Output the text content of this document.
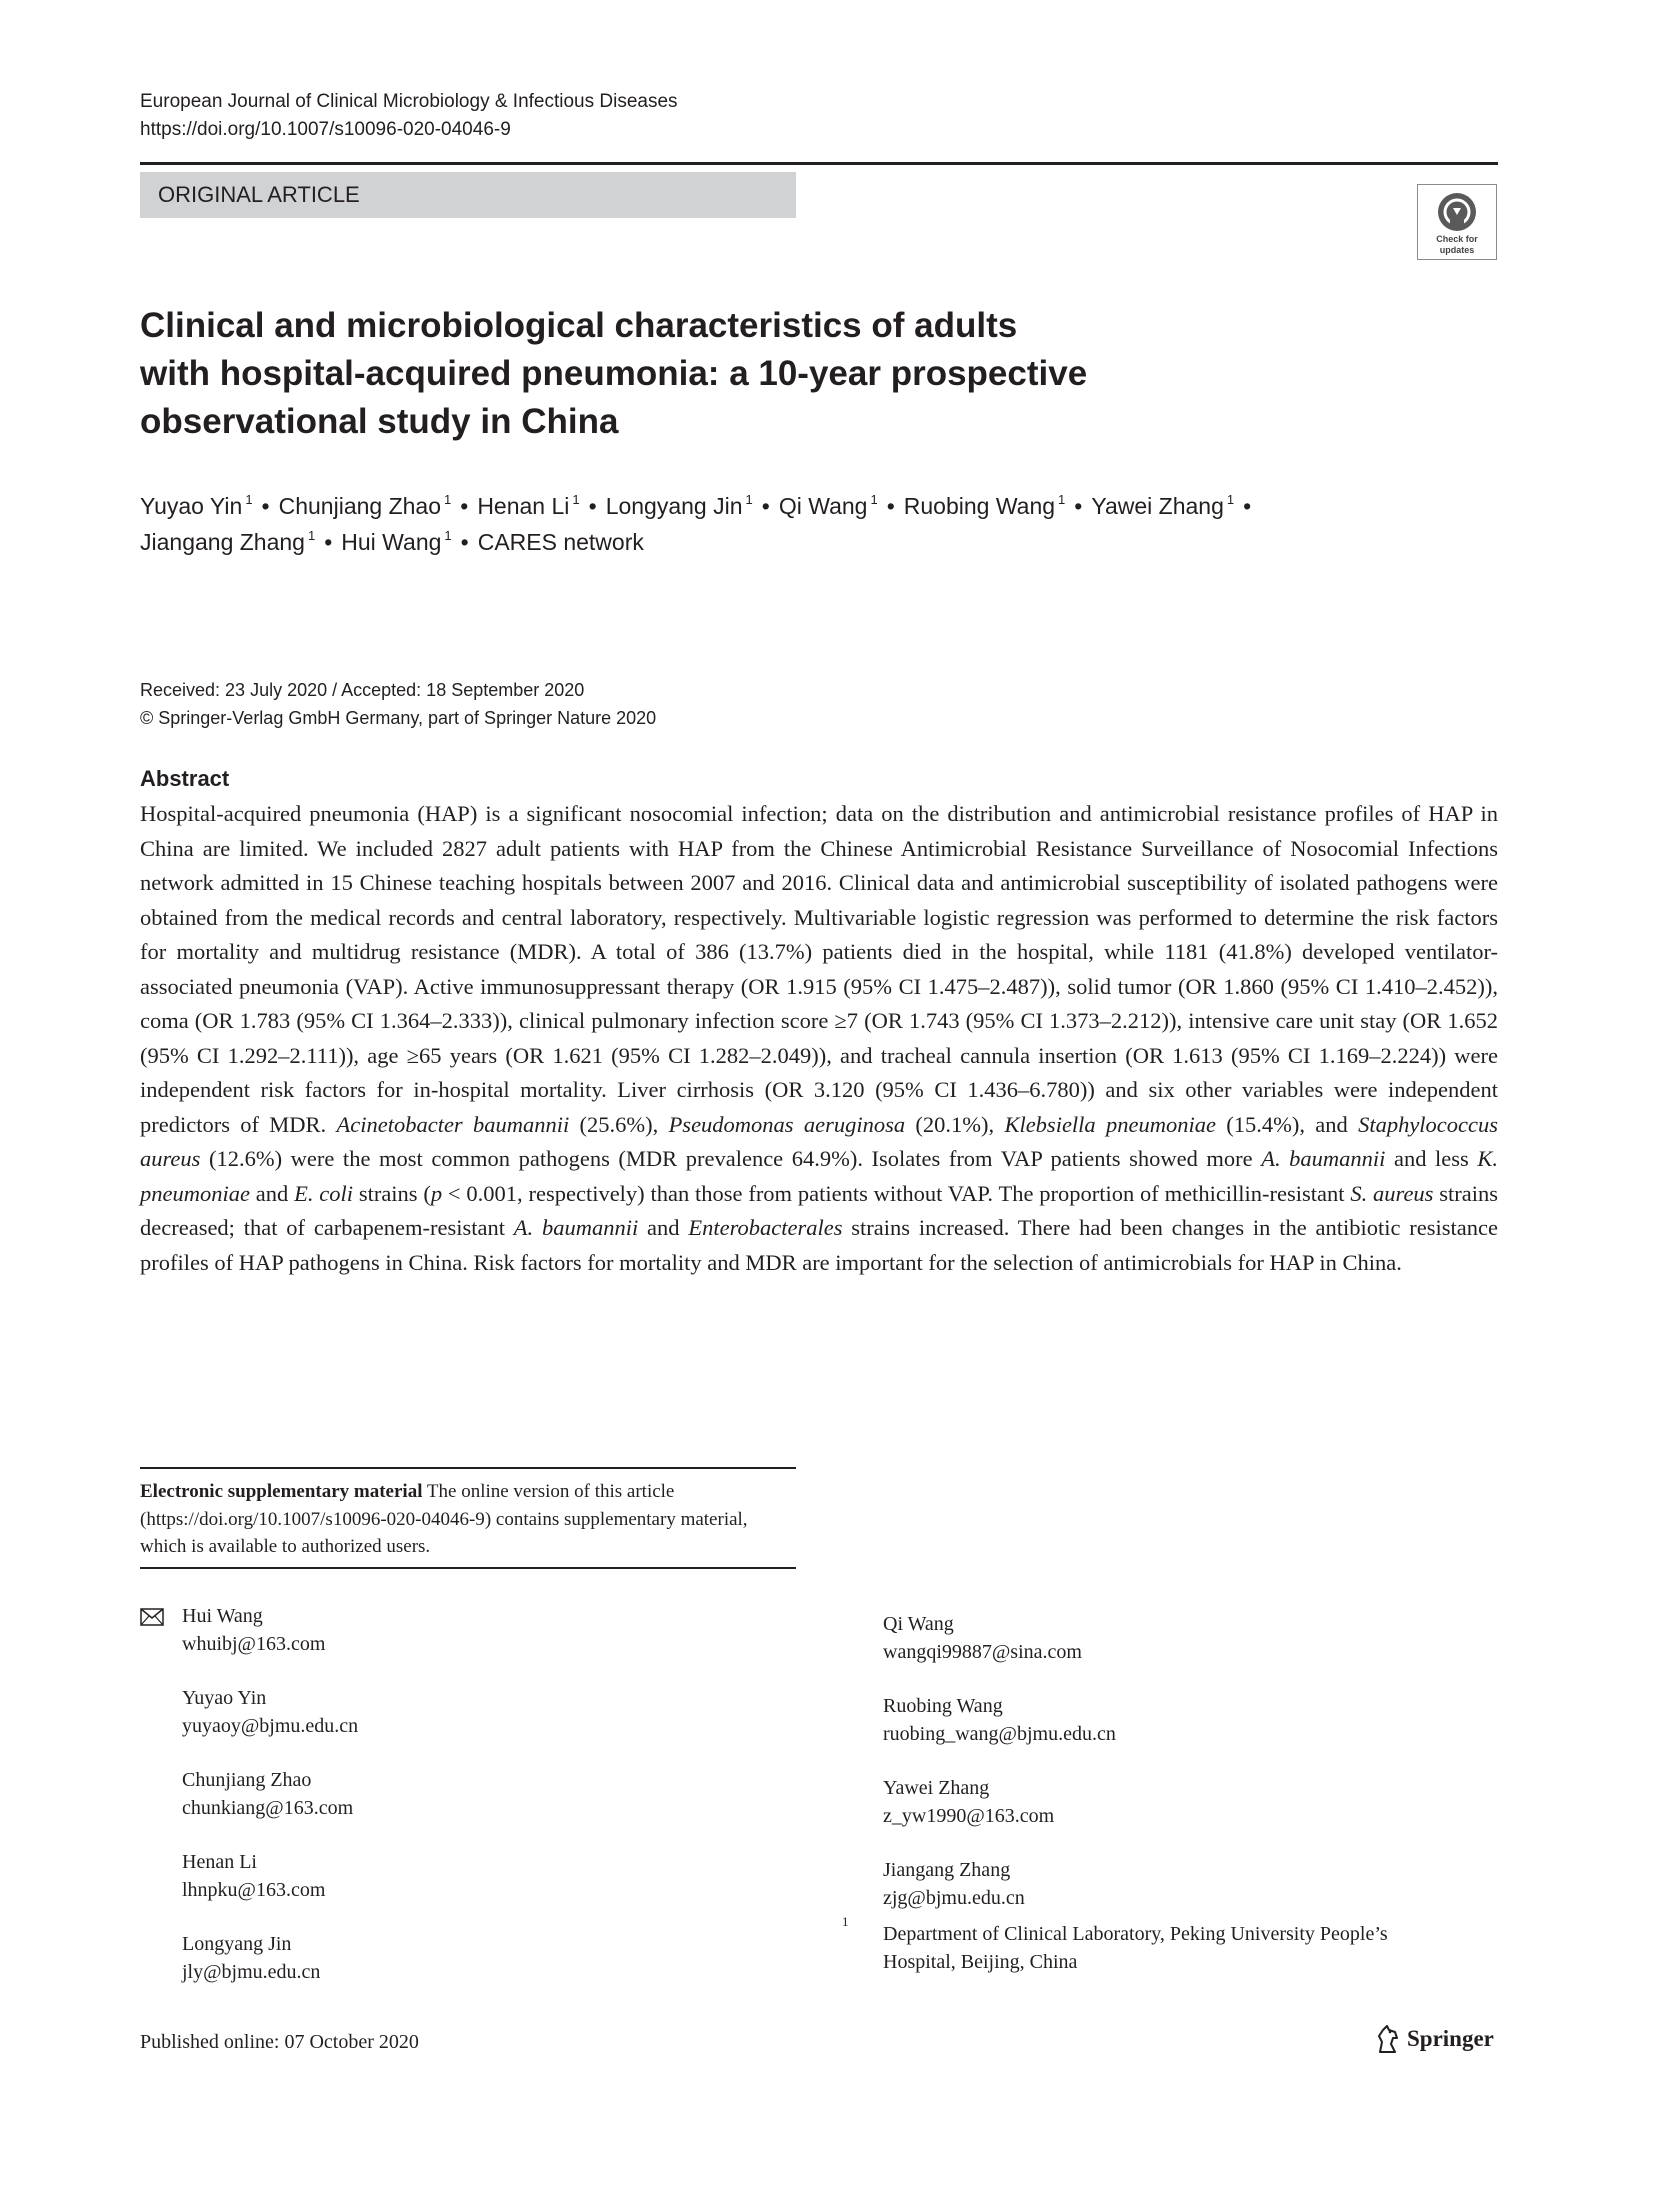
European Journal of Clinical Microbiology & Infectious Diseases
https://doi.org/10.1007/s10096-020-04046-9
ORIGINAL ARTICLE
Check for
updates
Clinical and microbiological characteristics of adults
with hospital-acquired pneumonia: a 10-year prospective
observational study in China
Yuyao Yin $^1$ • Chunjiang Zhao $^1$ • Henan Li $^1$ • Longyang Jin $^1$ • Qi Wang $^1$ • Ruobing Wang $^1$ • Yawei Zhang $^1$ •
Jiangang Zhang $^1$ • Hui Wang $^1$ • CARES network
Received: 23 July 2020 / Accepted: 18 September 2020
© Springer-Verlag GmbH Germany, part of Springer Nature 2020
Abstract
Hospital-acquired pneumonia (HAP) is a significant nosocomial infection; data on the distribution and antimicrobial resistance profiles of HAP in China are limited. We included 2827 adult patients with HAP from the Chinese Antimicrobial Resistance Surveillance of Nosocomial Infections network admitted in 15 Chinese teaching hospitals between 2007 and 2016. Clinical data and antimicrobial susceptibility of isolated pathogens were obtained from the medical records and central laboratory, respectively. Multivariable logistic regression was performed to determine the risk factors for mortality and multidrug resistance (MDR). A total of 386 (13.7%) patients died in the hospital, while 1181 (41.8%) developed ventilator-associated pneumonia (VAP). Active immunosuppressant therapy (OR 1.915 (95% CI 1.475–2.487)), solid tumor (OR 1.860 (95% CI 1.410–2.452)), coma (OR 1.783 (95% CI 1.364–2.333)), clinical pulmonary infection score ≥7 (OR 1.743 (95% CI 1.373–2.212)), intensive care unit stay (OR 1.652 (95% CI 1.292–2.111)), age ≥65 years (OR 1.621 (95% CI 1.282–2.049)), and tracheal cannula insertion (OR 1.613 (95% CI 1.169–2.224)) were independent risk factors for in-hospital mortality. Liver cirrhosis (OR 3.120 (95% CI 1.436–6.780)) and six other variables were independent predictors of MDR. Acinetobacter baumannii (25.6%), Pseudomonas aeruginosa (20.1%), Klebsiella pneumoniae (15.4%), and Staphylococcus aureus (12.6%) were the most common pathogens (MDR prevalence 64.9%). Isolates from VAP patients showed more A. baumannii and less K. pneumoniae and E. coli strains (p < 0.001, respectively) than those from patients without VAP. The proportion of methicillin-resistant S. aureus strains decreased; that of carbapenem-resistant A. baumannii and Enterobacterales strains increased. There had been changes in the antibiotic resistance profiles of HAP pathogens in China. Risk factors for mortality and MDR are important for the selection of antimicrobials for HAP in China.
Electronic supplementary material The online version of this article (https://doi.org/10.1007/s10096-020-04046-9) contains supplementary material, which is available to authorized users.
Hui Wang
whuibj@163.com
Yuyao Yin
yuyaoy@bjmu.edu.cn
Chunjiang Zhao
chunkiang@163.com
Henan Li
lhnpku@163.com
Longyang Jin
jly@bjmu.edu.cn
Qi Wang
wangqi99887@sina.com
Ruobing Wang
ruobing_wang@bjmu.edu.cn
Yawei Zhang
z_yw1990@163.com
Jiangang Zhang
zjg@bjmu.edu.cn
1
Department of Clinical Laboratory, Peking University People’s
Hospital, Beijing, China
Published online: 07 October 2020	Springer
